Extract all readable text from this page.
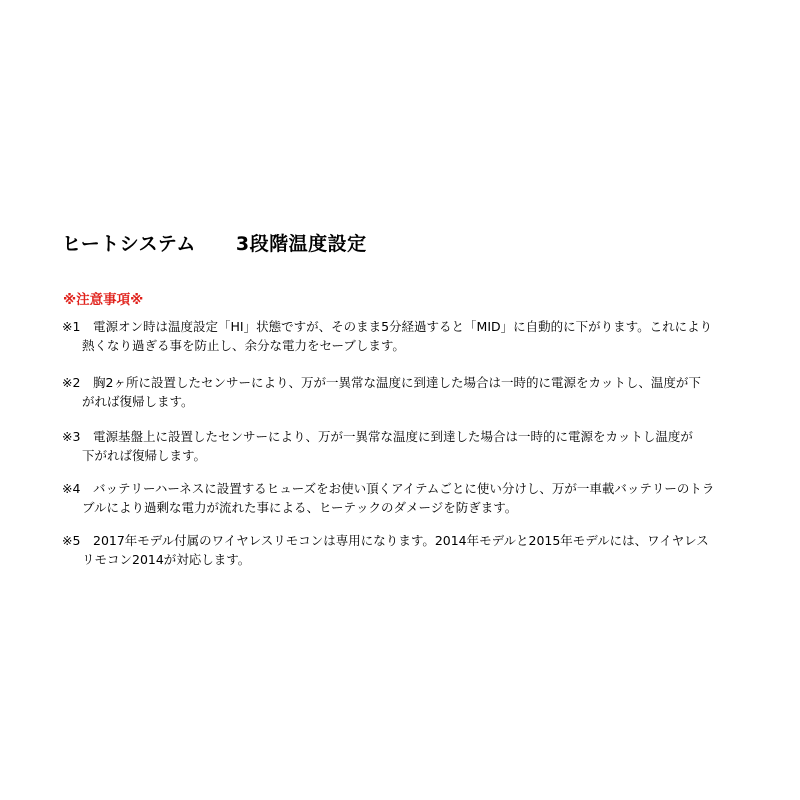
ヒートシステム 3段階温度設定
※注意事項※
※1	電源オン時は温度設定「HI」状態ですが、そのまま5分経過すると「MID」に自動的に下がります。これにより
熱くなり過ぎる事を防止し、余分な電力をセーブします。
※2	胸2ヶ所に設置したセンサーにより、万が一異常な温度に到達した場合は一時的に電源をカットし、温度が下
がれば復帰します。
※3	電源基盤上に設置したセンサーにより、万が一異常な温度に到達した場合は一時的に電源をカットし温度が
下がれば復帰します。
※4	バッテリーハーネスに設置するヒューズをお使い頂くアイテムごとに使い分けし、万が一車載バッテリーのトラ
ブルにより過剰な電力が流れた事による、ヒーテックのダメージを防ぎます。
※5	2017年モデル付属のワイヤレスリモコンは専用になります。2014年モデルと2015年モデルには、ワイヤレス
リモコン2014が対応します。
